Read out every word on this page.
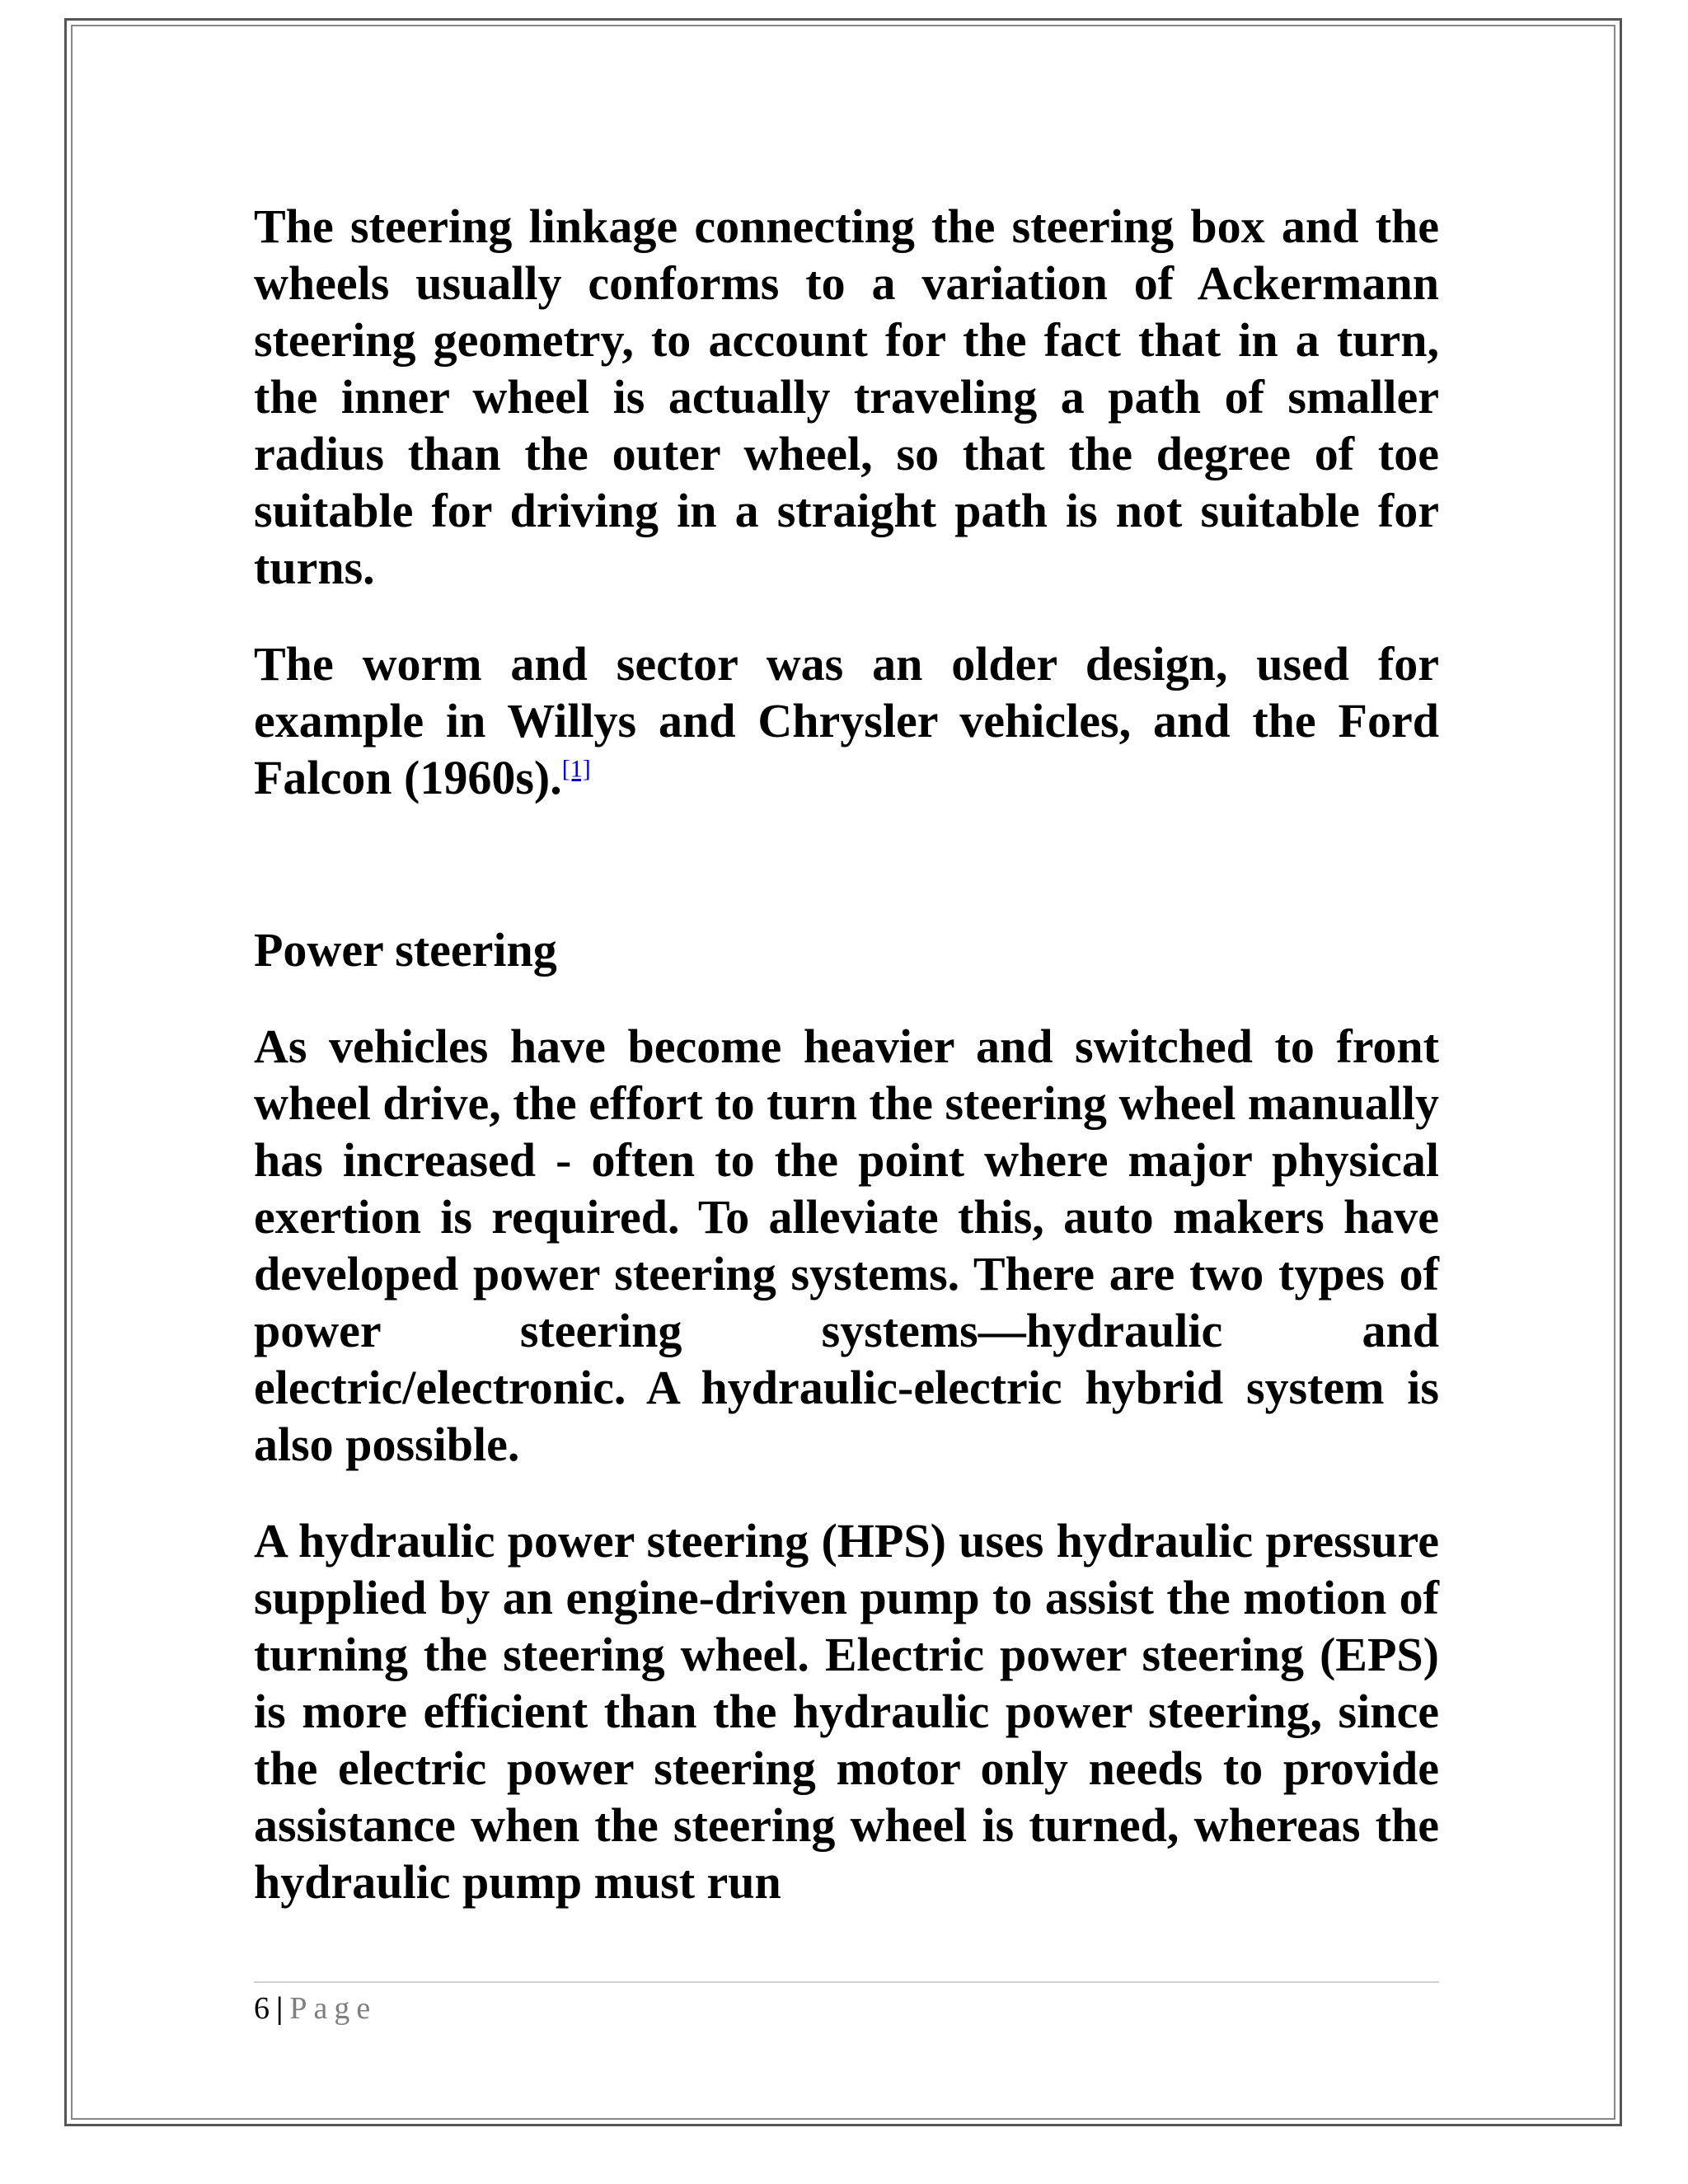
The steering linkage connecting the steering box and the wheels usually conforms to a variation of Ackermann steering geometry, to account for the fact that in a turn, the inner wheel is actually traveling a path of smaller radius than the outer wheel, so that the degree of toe suitable for driving in a straight path is not suitable for turns.

The worm and sector was an older design, used for example in Willys and Chrysler vehicles, and the Ford Falcon (1960s).[1]

Power steering

As vehicles have become heavier and switched to front wheel drive, the effort to turn the steering wheel manually has increased - often to the point where major physical exertion is required. To alleviate this, auto makers have developed power steering systems. There are two types of power steering systems—hydraulic and electric/electronic. A hydraulic-electric hybrid system is also possible.

A hydraulic power steering (HPS) uses hydraulic pressure supplied by an engine-driven pump to assist the motion of turning the steering wheel. Electric power steering (EPS) is more efficient than the hydraulic power steering, since the electric power steering motor only needs to provide assistance when the steering wheel is turned, whereas the hydraulic pump must run

6 | Page
